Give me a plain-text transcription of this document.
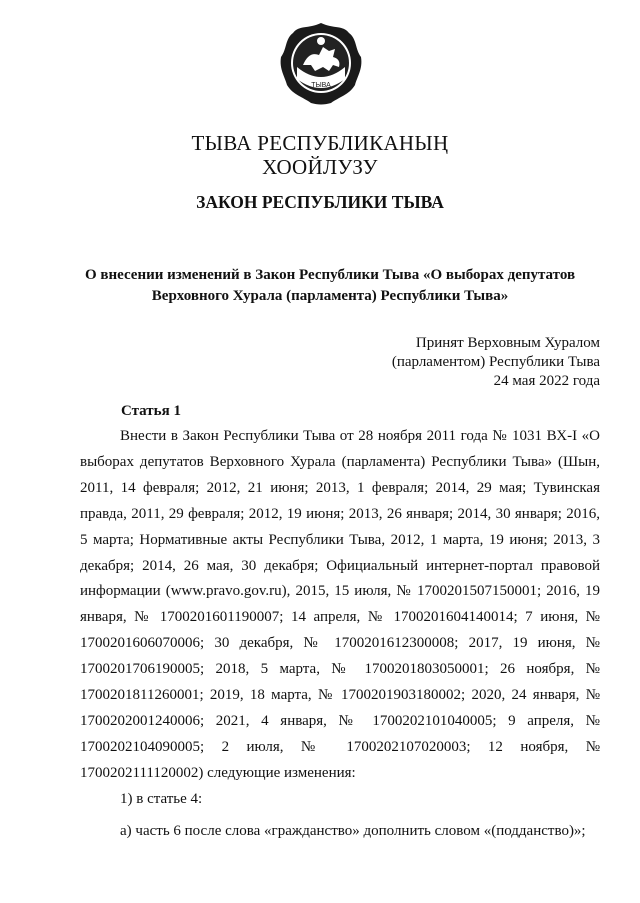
ТЫВА
ТЫВА РЕСПУБЛИКАНЫҢ
ХООЙЛУЗУ
ЗАКОН РЕСПУБЛИКИ ТЫВА
О внесении изменений в Закон Республики Тыва «О выборах депутатов Верховного Хурала (парламента) Республики Тыва»
Принят Верховным Хуралом
(парламентом) Республики Тыва
24 мая 2022 года
Статья 1

Внести в Закон Республики Тыва от 28 ноября 2011 года № 1031 ВХ-I «О выборах депутатов Верховного Хурала (парламента) Республики Тыва» (Шын, 2011, 14 февраля; 2012, 21 июня; 2013, 1 февраля; 2014, 29 мая; Тувинская правда, 2011, 29 февраля; 2012, 19 июня; 2013, 26 января; 2014, 30 января; 2016, 5 марта; Нормативные акты Республики Тыва, 2012, 1 марта, 19 июня; 2013, 3 декабря; 2014, 26 мая, 30 декабря; Официальный интернет-портал правовой информации (www.pravo.gov.ru), 2015, 15 июля, № 1700201507150001; 2016, 19 января, № 1700201601190007; 14 апреля, № 1700201604140014; 7 июня, № 1700201606070006; 30 декабря, № 1700201612300008; 2017, 19 июня, № 1700201706190005; 2018, 5 марта, № 1700201803050001; 26 ноября, № 1700201811260001; 2019, 18 марта, № 1700201903180002; 2020, 24 января, № 1700202001240006; 2021, 4 января, № 1700202101040005; 9 апреля, № 1700202104090005; 2 июля, № 1700202107020003; 12 ноября, № 1700202111120002) следующие изменения:

1) в статье 4:
а) часть 6 после слова «гражданство» дополнить словом «(подданство)»;
